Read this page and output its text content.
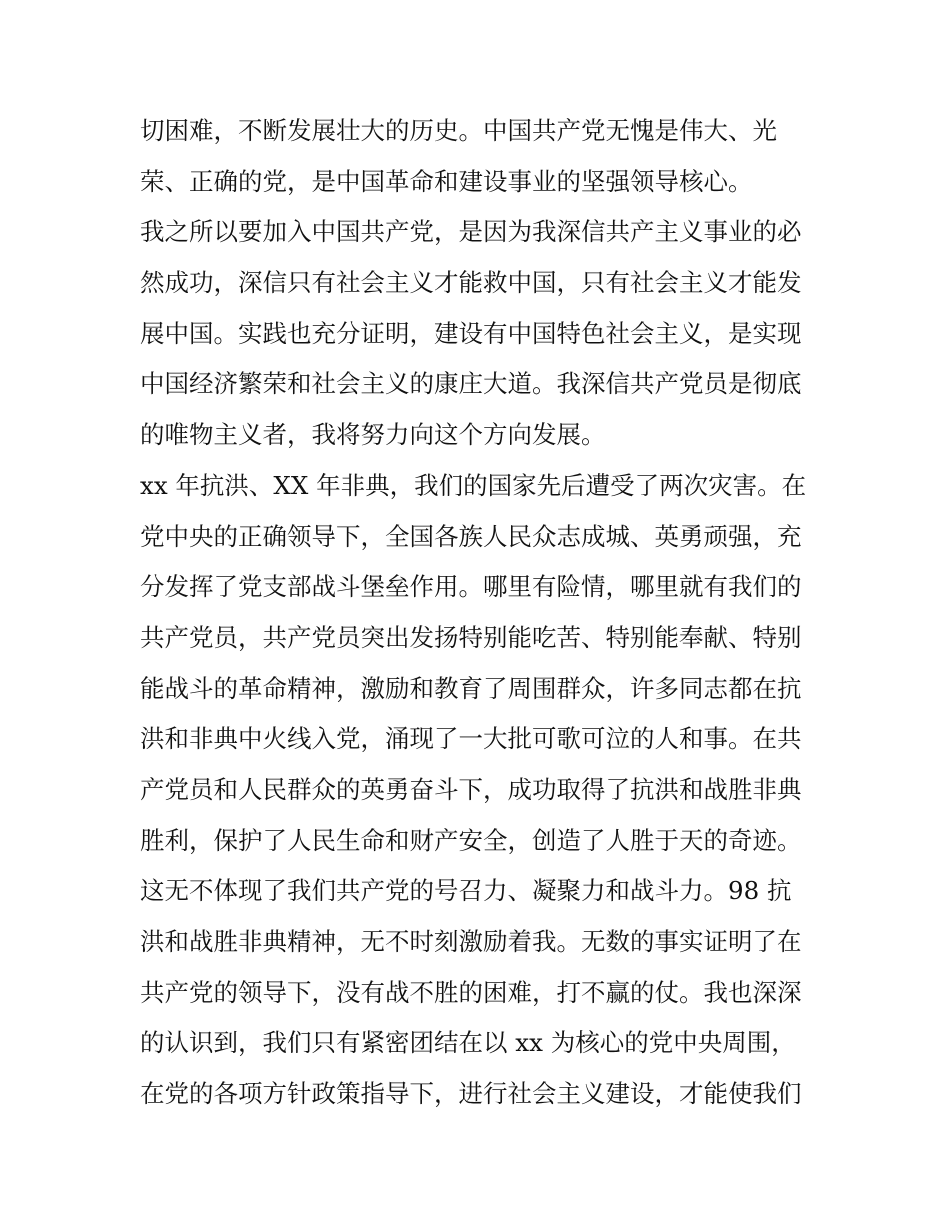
切困难，不断发展壮大的历史。中国共产党无愧是伟大、光
荣、正确的党，是中国革命和建设事业的坚强领导核心。
我之所以要加入中国共产党，是因为我深信共产主义事业的必
然成功，深信只有社会主义才能救中国，只有社会主义才能发
展中国。实践也充分证明，建设有中国特色社会主义，是实现
中国经济繁荣和社会主义的康庄大道。我深信共产党员是彻底
的唯物主义者，我将努力向这个方向发展。
xx 年抗洪、XX 年非典，我们的国家先后遭受了两次灾害。在
党中央的正确领导下，全国各族人民众志成城、英勇顽强，充
分发挥了党支部战斗堡垒作用。哪里有险情，哪里就有我们的
共产党员，共产党员突出发扬特别能吃苦、特别能奉献、特别
能战斗的革命精神，激励和教育了周围群众，许多同志都在抗
洪和非典中火线入党，涌现了一大批可歌可泣的人和事。在共
产党员和人民群众的英勇奋斗下，成功取得了抗洪和战胜非典
胜利，保护了人民生命和财产安全，创造了人胜于天的奇迹。
这无不体现了我们共产党的号召力、凝聚力和战斗力。98 抗
洪和战胜非典精神，无不时刻激励着我。无数的事实证明了在
共产党的领导下，没有战不胜的困难，打不赢的仗。我也深深
的认识到，我们只有紧密团结在以 xx 为核心的党中央周围，
在党的各项方针政策指导下，进行社会主义建设，才能使我们
